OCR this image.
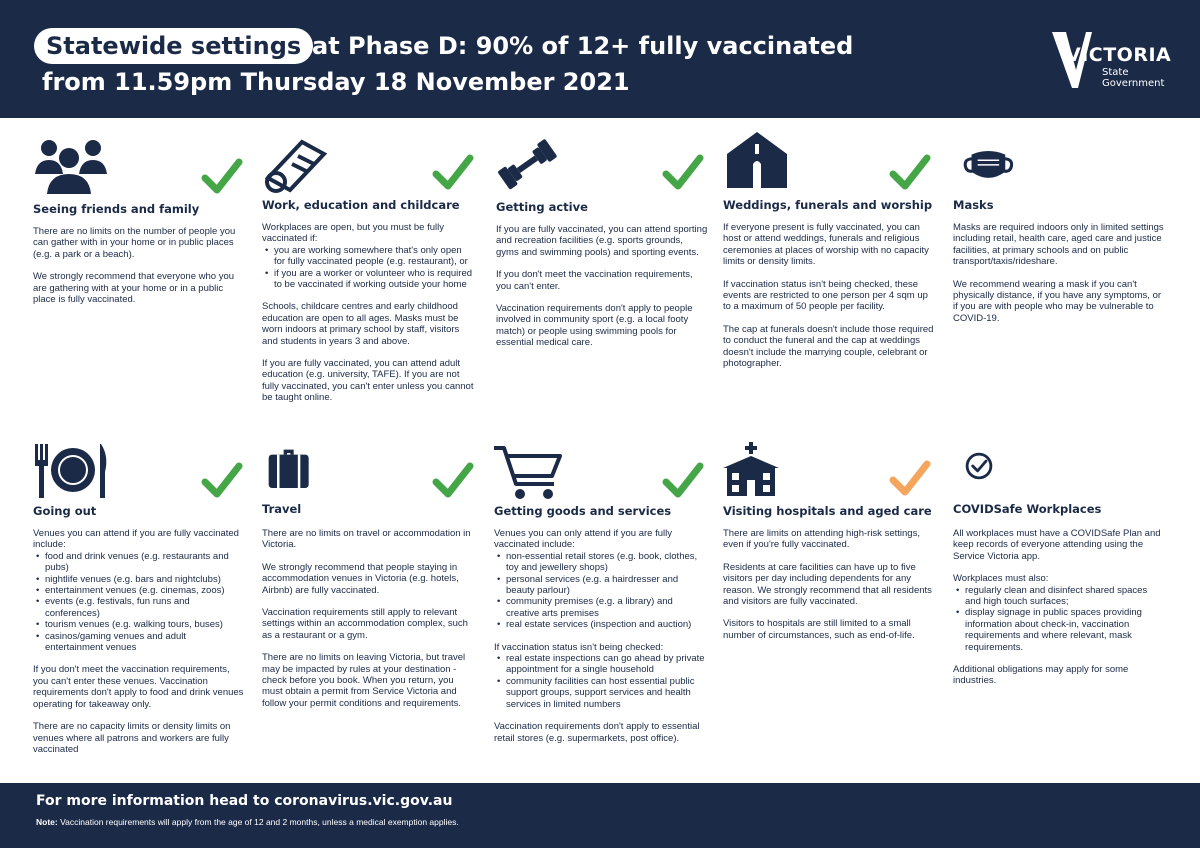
Statewide settings at Phase D: 90% of 12+ fully vaccinated
from 11.59pm Thursday 18 November 2021
VICTORIA
State Government
Seeing friends and family

There are no limits on the number of people you can gather with in your home or in public places (e.g. a park or a beach).

We strongly recommend that everyone who you are gathering with at your home or in a public place is fully vaccinated.

Work, education and childcare

Workplaces are open, but you must be fully vaccinated if:

• you are working somewhere that's only open for fully vaccinated people (e.g. restaurant), or
• if you are a worker or volunteer who is required to be vaccinated if working outside your home

Schools, childcare centres and early childhood education are open to all ages. Masks must be worn indoors at primary school by staff, visitors and students in years 3 and above.

If you are fully vaccinated, you can attend adult education (e.g. university, TAFE). If you are not fully vaccinated, you can't enter unless you cannot be taught online.

Getting active

If you are fully vaccinated, you can attend sporting and recreation facilities (e.g. sports grounds, gyms and swimming pools) and sporting events.

If you don't meet the vaccination requirements, you can't enter.

Vaccination requirements don't apply to people involved in community sport (e.g. a local footy match) or people using swimming pools for essential medical care.

Weddings, funerals and worship

If everyone present is fully vaccinated, you can host or attend weddings, funerals and religious ceremonies at places of worship with no capacity limits or density limits.

If vaccination status isn't being checked, these events are restricted to one person per 4 sqm up to a maximum of 50 people per facility.

The cap at funerals doesn't include those required to conduct the funeral and the cap at weddings doesn't include the marrying couple, celebrant or photographer.

Masks

Masks are required indoors only in limited settings including retail, health care, aged care and justice facilities, at primary schools and on public transport/taxis/rideshare.

We recommend wearing a mask if you can't physically distance, if you have any symptoms, or if you are with people who may be vulnerable to COVID-19.

Going out

Venues you can attend if you are fully vaccinated include:

• food and drink venues (e.g. restaurants and pubs)
• nightlife venues (e.g. bars and nightclubs)
• entertainment venues (e.g. cinemas, zoos)
• events (e.g. festivals, fun runs and conferences)
• tourism venues (e.g. walking tours, buses)
• casinos/gaming venues and adult entertainment venues

If you don't meet the vaccination requirements, you can't enter these venues. Vaccination requirements don't apply to food and drink venues operating for takeaway only.

There are no capacity limits or density limits on venues where all patrons and workers are fully vaccinated

Travel

There are no limits on travel or accommodation in Victoria.

We strongly recommend that people staying in accommodation venues in Victoria (e.g. hotels, Airbnb) are fully vaccinated.

Vaccination requirements still apply to relevant settings within an accommodation complex, such as a restaurant or a gym.

There are no limits on leaving Victoria, but travel may be impacted by rules at your destination - check before you book. When you return, you must obtain a permit from Service Victoria and follow your permit conditions and requirements.

Getting goods and services

Venues you can only attend if you are fully vaccinated include:

• non-essential retail stores (e.g. book, clothes, toy and jewellery shops)
• personal services (e.g. a hairdresser and beauty parlour)
• community premises (e.g. a library) and creative arts premises
• real estate services (inspection and auction)

If vaccination status isn't being checked:

• real estate inspections can go ahead by private appointment for a single household
• community facilities can host essential public support groups, support services and health services in limited numbers

Vaccination requirements don't apply to essential retail stores (e.g. supermarkets, post office).

Visiting hospitals and aged care

There are limits on attending high-risk settings, even if you're fully vaccinated.

Residents at care facilities can have up to five visitors per day including dependents for any reason. We strongly recommend that all residents and visitors are fully vaccinated.

Visitors to hospitals are still limited to a small number of circumstances, such as end-of-life.

COVIDSafe Workplaces

All workplaces must have a COVIDSafe Plan and keep records of everyone attending using the Service Victoria app.

Workplaces must also:

• regularly clean and disinfect shared spaces and high touch surfaces;
• display signage in public spaces providing information about check-in, vaccination requirements and where relevant, mask requirements.

Additional obligations may apply for some industries.

For more information head to coronavirus.vic.gov.au
Note: Vaccination requirements will apply from the age of 12 and 2 months, unless a medical exemption applies.
